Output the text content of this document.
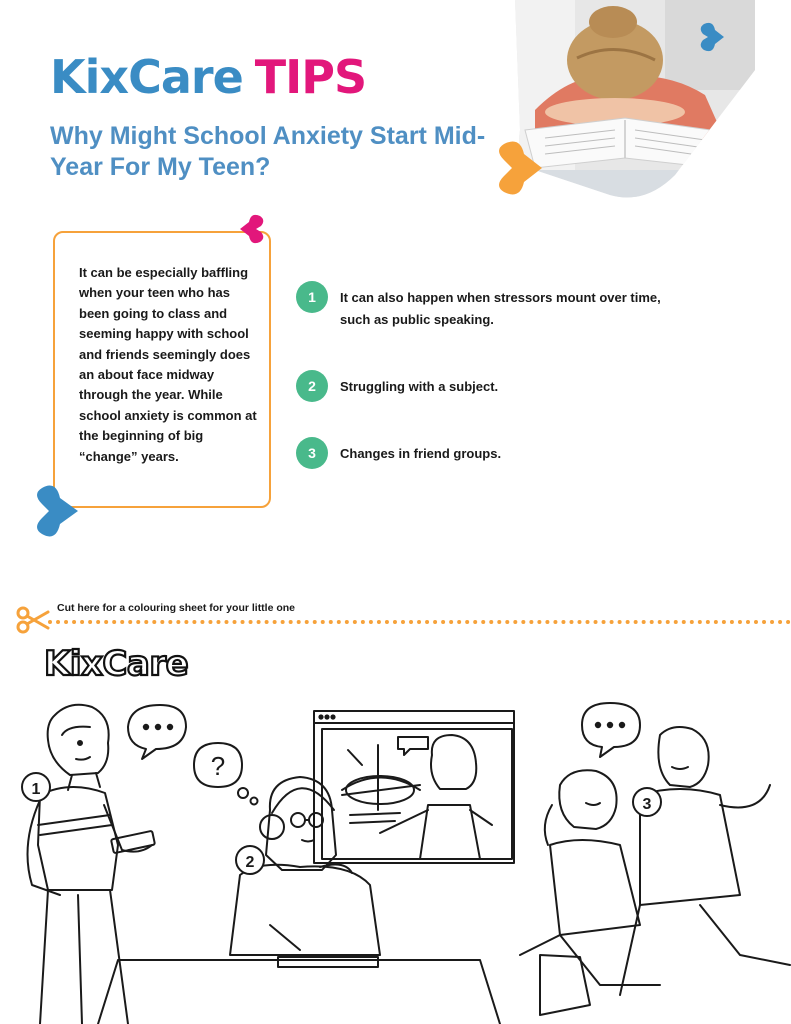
KixCare TIPS
Why Might School Anxiety Start Mid-Year For My Teen?
It can be especially baffling when your teen who has been going to class and seeming happy with school and friends seemingly does an about face midway through the year. While school anxiety is common at the beginning of big “change” years.
1	It can also happen when stressors mount over time, such as public speaking.
2	Struggling with a subject.
3	Changes in friend groups.
Cut here for a colouring sheet for your little one
KixCare
1
?
2
3
